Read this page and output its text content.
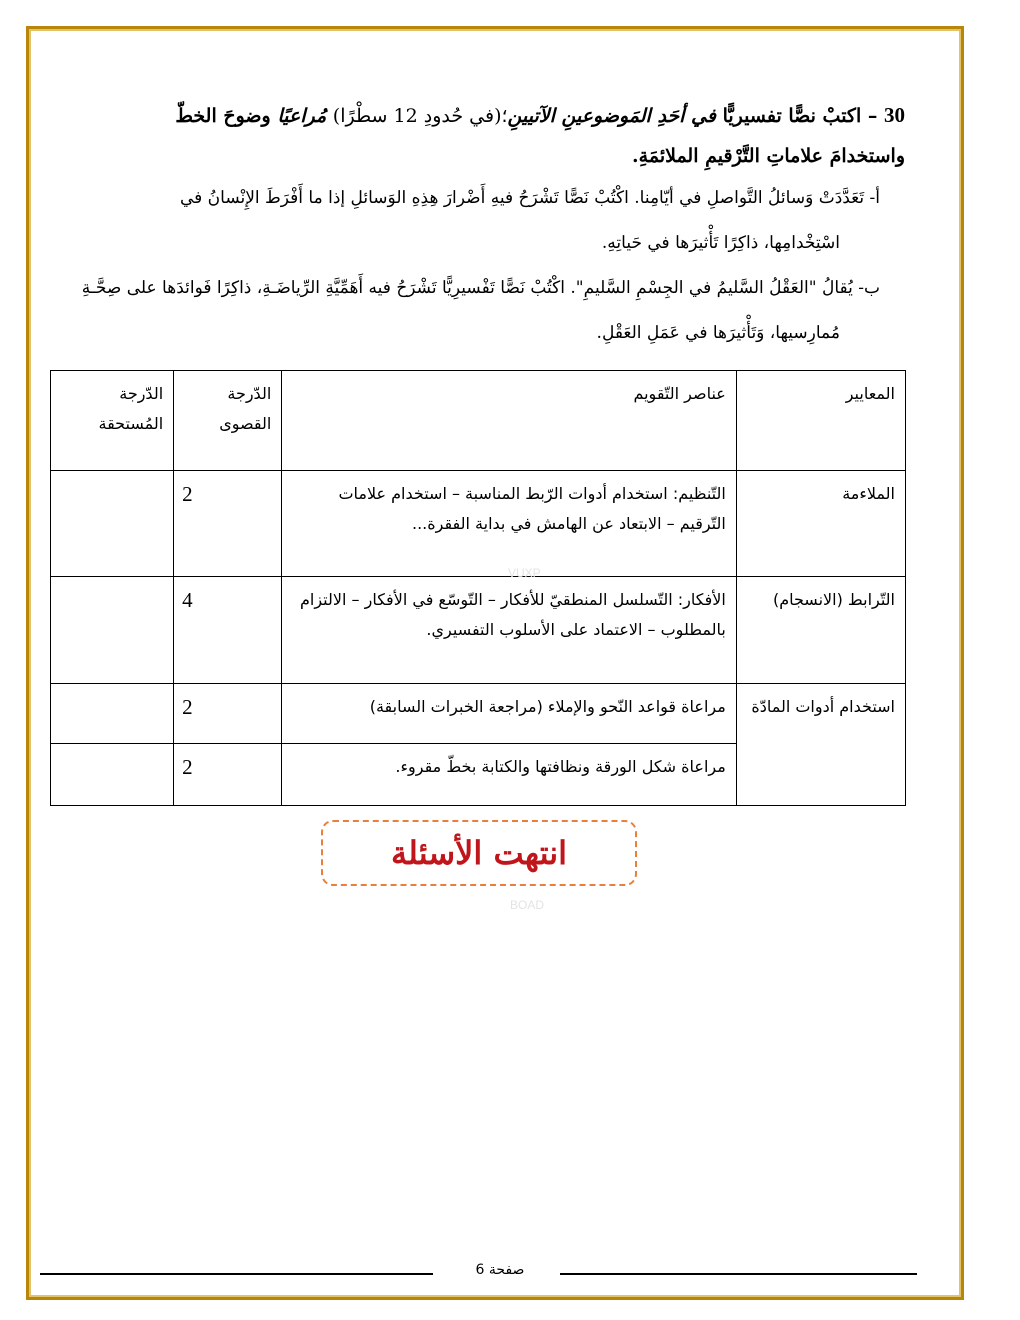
30 – اكتبْ نصًّا تفسيريًّا في أحَدِ المَوضوعينِ الآتيينِ؛(في حُدودِ 12 سطْرًا) مُراعيًا وضوحَ الخطّ
واستخدامَ علاماتِ التَّرْقيمِ الملائمَةِ.
أ- تَعَدَّدَتْ وَسائلُ التَّواصلِ في أيّامِنا. اكْتُبْ نَصًّا تَشْرَحُ فيهِ أَضْرارَ هِذِهِ الوَسائلِ إذا ما أَفْرَطَ الإِنْسانُ في
اسْتِخْدامِها، ذاكِرًا تَأْثيرَها في حَياتِهِ.
ب- يُقالُ "العَقْلُ السَّليمُ في الجِسْمِ السَّليمِ". اكْتُبْ نَصًّا تَفْسيرِيًّا تَشْرَحُ فيه أَهَمِّيَّةِ الرِّياضَـةِ، ذاكِرًا فَوائدَها على صِحَّـةِ
مُمارِسيها، وَتَأْثيرَها في عَمَلِ العَقْلِ.
المعايير	عناصر التّقويم	الدّرجة القصوى	الدّرجة المُستحقة
الملاءمة	التّنظيم: استخدام أدوات الرّبط المناسبة – استخدام علامات التّرقيم – الابتعاد عن الهامش في بداية الفقرة...	2	
التّرابط (الانسجام)	الأفكار: التّسلسل المنطقيّ للأفكار – التّوسّع في الأفكار – الالتزام بالمطلوب – الاعتماد على الأسلوب التفسيري.	4	
استخدام أدوات المادّة	مراعاة قواعد النّحو والإملاء (مراجعة الخبرات السابقة)	2	
	مراعاة شكل الورقة ونظافتها والكتابة بخطّ مقروء.	2	
VUXP
انتهت الأسئلة
BOAD
صفحة 6
